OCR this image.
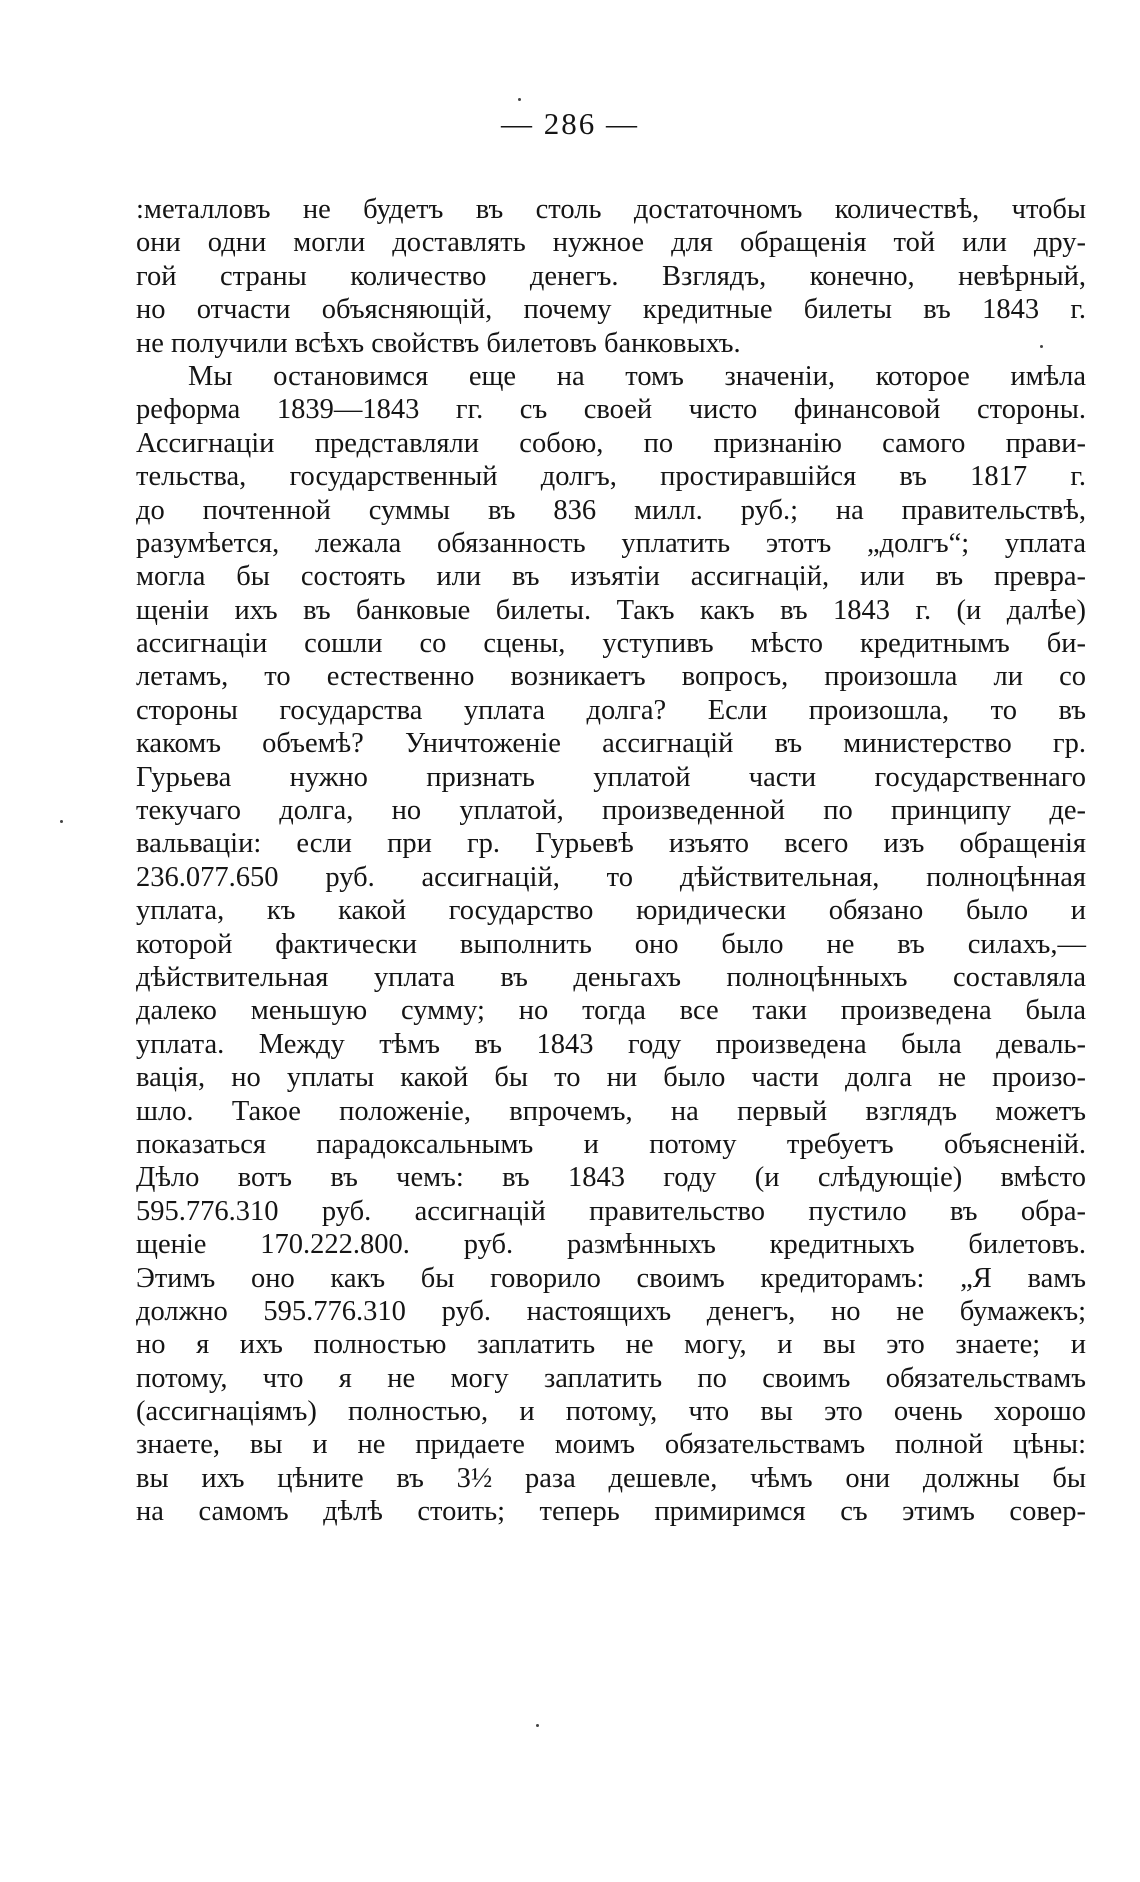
— 286 —
:металловъ не будетъ въ столь достаточномъ количествѣ, чтобы
они одни могли доставлять нужное для обращенія той или дру-
гой страны количество денегъ. Взглядъ, конечно, невѣрный,
но отчасти объясняющій, почему кредитные билеты въ 1843 г.
не получили всѣхъ свойствъ билетовъ банковыхъ.
Мы остановимся еще на томъ значеніи, которое имѣла
реформа 1839—1843 гг. съ своей чисто финансовой стороны.
Ассигнаціи представляли собою, по признанію самого прави-
тельства, государственный долгъ, простиравшійся въ 1817 г.
до почтенной суммы въ 836 милл. руб.; на правительствѣ,
разумѣется, лежала обязанность уплатить этотъ „долгъ“; уплата
могла бы состоять или въ изъятіи ассигнацій, или въ превра-
щеніи ихъ въ банковые билеты. Такъ какъ въ 1843 г. (и далѣе)
ассигнаціи сошли со сцены, уступивъ мѣсто кредитнымъ би-
летамъ, то естественно возникаетъ вопросъ, произошла ли со
стороны государства уплата долга? Если произошла, то въ
какомъ объемѣ? Уничтоженіе ассигнацій въ министерство гр.
Гурьева нужно признать уплатой части государственнаго
текучаго долга, но уплатой, произведенной по принципу де-
вальваціи: если при гр. Гурьевѣ изъято всего изъ обращенія
236.077.650 руб. ассигнацій, то дѣйствительная, полноцѣнная
уплата, къ какой государство юридически обязано было и
которой фактически выполнить оно было не въ силахъ,—
дѣйствительная уплата въ деньгахъ полноцѣнныхъ составляла
далеко меньшую сумму; но тогда все таки произведена была
уплата. Между тѣмъ въ 1843 году произведена была деваль-
вація, но уплаты какой бы то ни было части долга не произо-
шло. Такое положеніе, впрочемъ, на первый взглядъ можетъ
показаться парадоксальнымъ и потому требуетъ объясненій.
Дѣло вотъ въ чемъ: въ 1843 году (и слѣдующіе) вмѣсто
595.776.310 руб. ассигнацій правительство пустило въ обра-
щеніе 170.222.800. руб. размѣнныхъ кредитныхъ билетовъ.
Этимъ оно какъ бы говорило своимъ кредиторамъ: „Я вамъ
должно 595.776.310 руб. настоящихъ денегъ, но не бумажекъ;
но я ихъ полностью заплатить не могу, и вы это знаете; и
потому, что я не могу заплатить по своимъ обязательствамъ
(ассигнаціямъ) полностью, и потому, что вы это очень хорошо
знаете, вы и не придаете моимъ обязательствамъ полной цѣны:
вы ихъ цѣните въ 3½ раза дешевле, чѣмъ они должны бы
на самомъ дѣлѣ стоить; теперь примиримся съ этимъ совер-
